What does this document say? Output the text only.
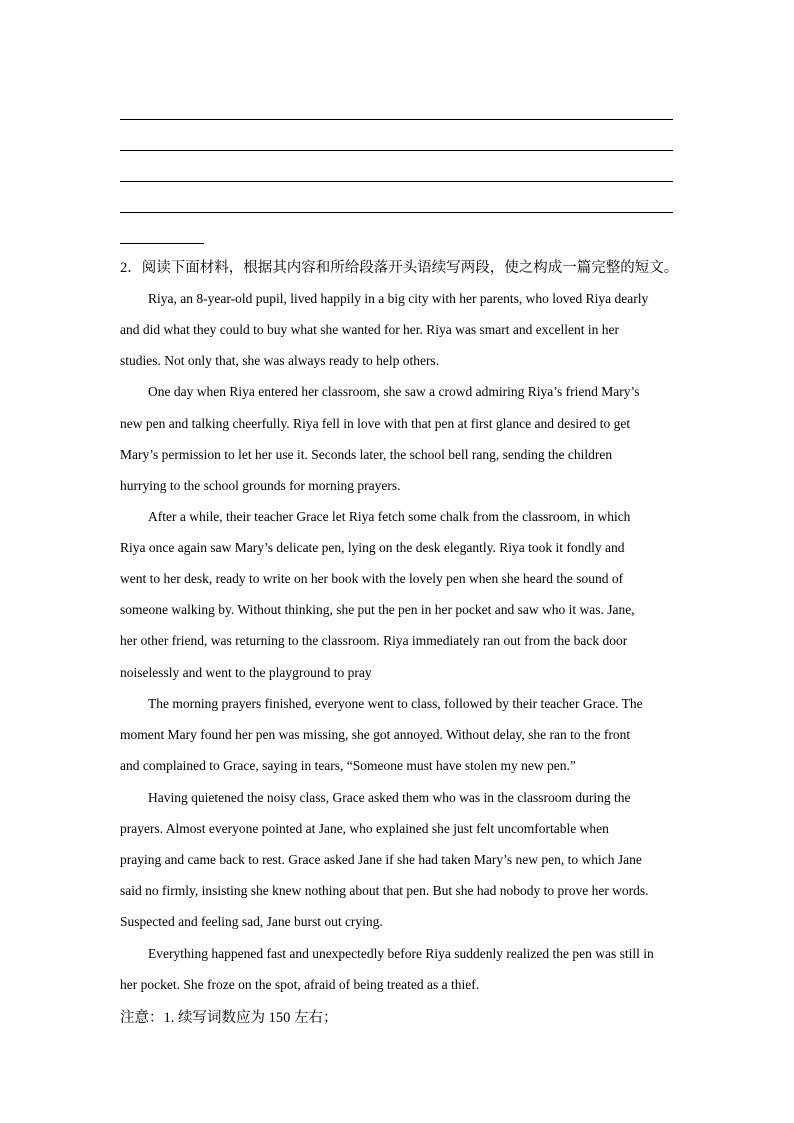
2．阅读下面材料，根据其内容和所给段落开头语续写两段，使之构成一篇完整的短文。
Riya, an 8-year-old pupil, lived happily in a big city with her parents, who loved Riya dearly
and did what they could to buy what she wanted for her. Riya was smart and excellent in her
studies. Not only that, she was always ready to help others.
One day when Riya entered her classroom, she saw a crowd admiring Riya’s friend Mary’s
new pen and talking cheerfully. Riya fell in love with that pen at first glance and desired to get
Mary’s permission to let her use it. Seconds later, the school bell rang, sending the children
hurrying to the school grounds for morning prayers.
After a while, their teacher Grace let Riya fetch some chalk from the classroom, in which
Riya once again saw Mary’s delicate pen, lying on the desk elegantly. Riya took it fondly and
went to her desk, ready to write on her book with the lovely pen when she heard the sound of
someone walking by. Without thinking, she put the pen in her pocket and saw who it was. Jane,
her other friend, was returning to the classroom. Riya immediately ran out from the back door
noiselessly and went to the playground to pray
The morning prayers finished, everyone went to class, followed by their teacher Grace. The
moment Mary found her pen was missing, she got annoyed. Without delay, she ran to the front
and complained to Grace, saying in tears, “Someone must have stolen my new pen.”
Having quietened the noisy class, Grace asked them who was in the classroom during the
prayers. Almost everyone pointed at Jane, who explained she just felt uncomfortable when
praying and came back to rest. Grace asked Jane if she had taken Mary’s new pen, to which Jane
said no firmly, insisting she knew nothing about that pen. But she had nobody to prove her words.
Suspected and feeling sad, Jane burst out crying.
Everything happened fast and unexpectedly before Riya suddenly realized the pen was still in
her pocket. She froze on the spot, afraid of being treated as a thief.
注意：1. 续写词数应为 150 左右；
